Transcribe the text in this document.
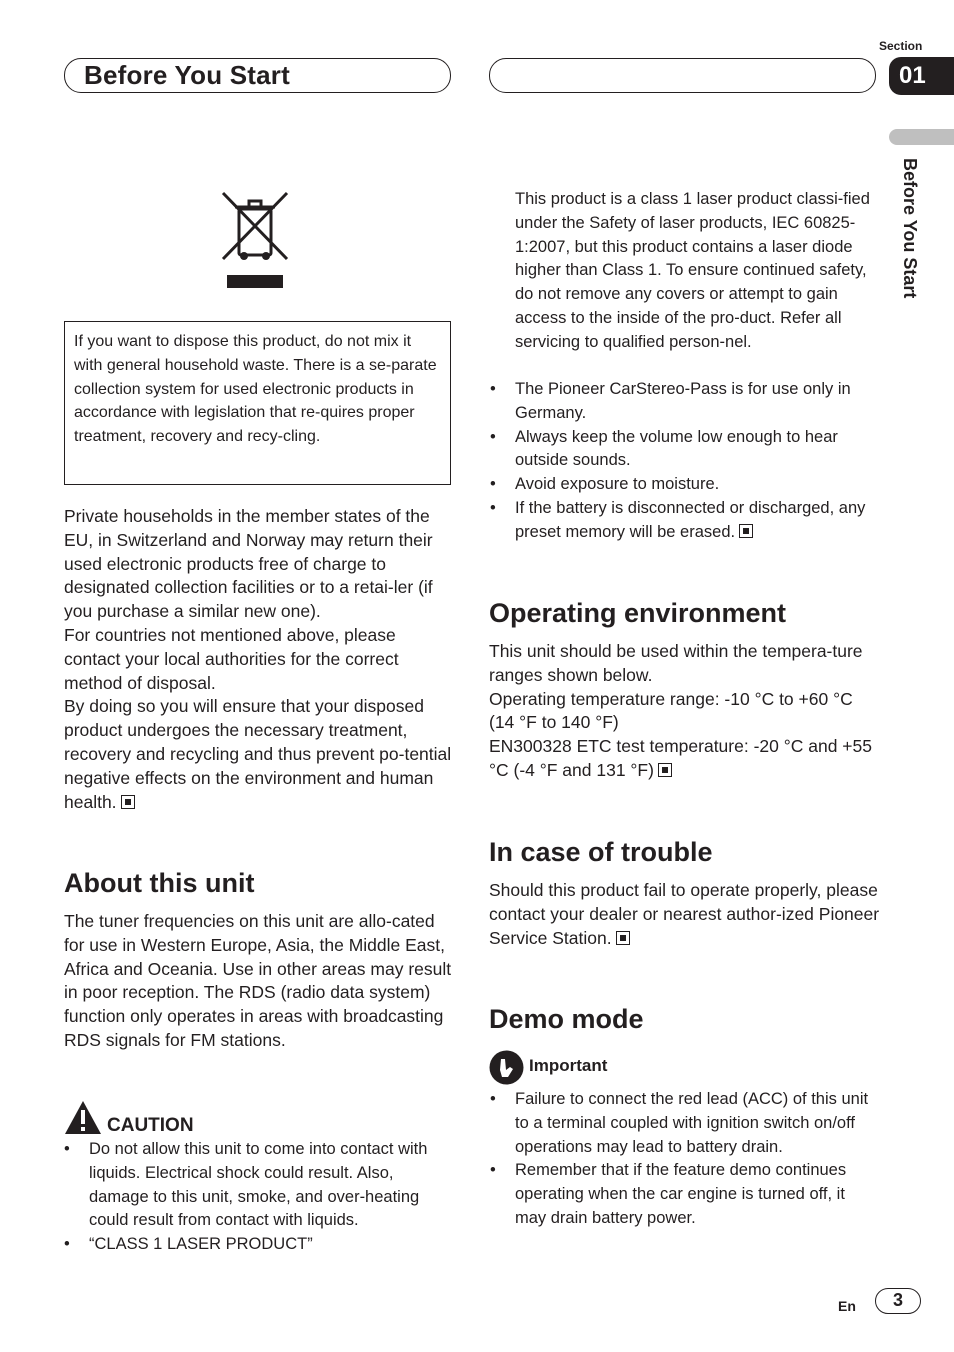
Before You Start
Section
01
Before You Start
If you want to dispose this product, do not mix it with general household waste. There is a se-parate collection system for used electronic products in accordance with legislation that re-quires proper treatment, recovery and recy-cling.

Private households in the member states of the EU, in Switzerland and Norway may return their used electronic products free of charge to designated collection facilities or to a retai-ler (if you purchase a similar new one).

For countries not mentioned above, please contact your local authorities for the correct method of disposal.

By doing so you will ensure that your disposed product undergoes the necessary treatment, recovery and recycling and thus prevent po-tential negative effects on the environment and human health.

About this unit
The tuner frequencies on this unit are allo-cated for use in Western Europe, Asia, the Middle East, Africa and Oceania. Use in other areas may result in poor reception. The RDS (radio data system) function only operates in areas with broadcasting RDS signals for FM stations.
CAUTION
• Do not allow this unit to come into contact with liquids. Electrical shock could result. Also, damage to this unit, smoke, and over-heating could result from contact with liquids.
• “CLASS 1 LASER PRODUCT”
This product is a class 1 laser product classi-fied under the Safety of laser products, IEC 60825-1:2007, but this product contains a laser diode higher than Class 1. To ensure continued safety, do not remove any covers or attempt to gain access to the inside of the pro-duct. Refer all servicing to qualified person-nel.
• The Pioneer CarStereo-Pass is for use only in Germany.
• Always keep the volume low enough to hear outside sounds.
• Avoid exposure to moisture.
• If the battery is disconnected or discharged, any preset memory will be erased.
Operating environment

This unit should be used within the tempera-ture ranges shown below.

Operating temperature range: -10 °C to +60 °C (14 °F to 140 °F)

EN300328 ETC test temperature: -20 °C and +55 °C (-4 °F and 131 °F)

In case of trouble
Should this product fail to operate properly, please contact your dealer or nearest author-ized Pioneer Service Station.
Demo mode
Important
• Failure to connect the red lead (ACC) of this unit to a terminal coupled with ignition switch on/off operations may lead to battery drain.
• Remember that if the feature demo continues operating when the car engine is turned off, it may drain battery power.
En	3
